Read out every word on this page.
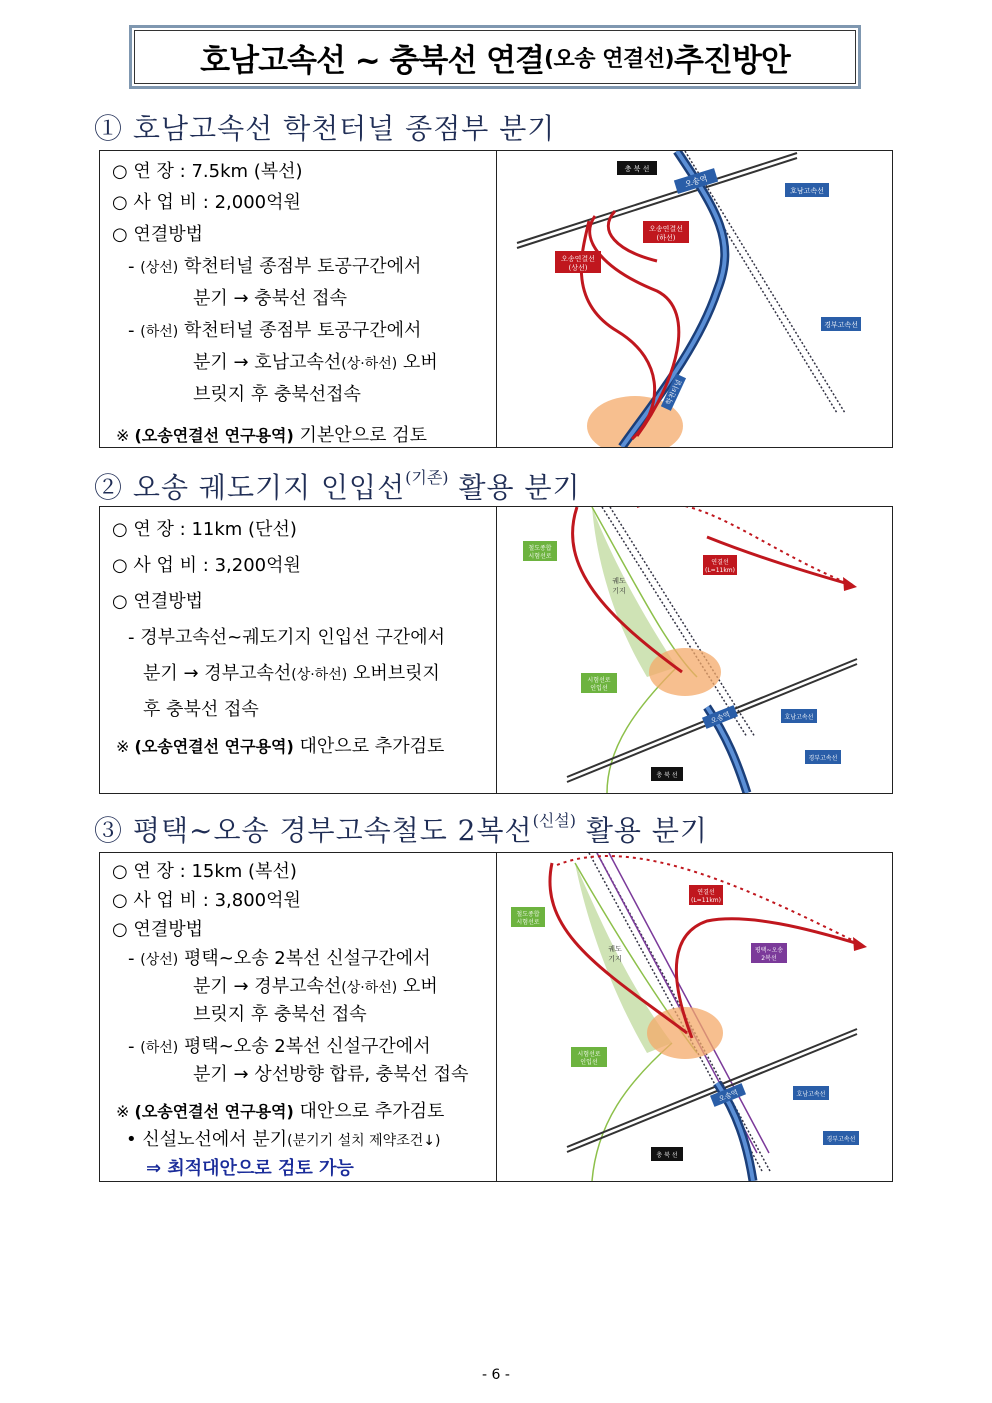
호남고속선 ~ 충북선 연결 (오송 연결선) 추진방안
① 호남고속선 학천터널 종점부 분기
○ 연 장 : 7.5km (복선)
○ 사 업 비 : 2,000억원
○ 연결방법
- (상선) 학천터널 종점부 토공구간에서
분기 → 충북선 접속
- (하선) 학천터널 종점부 토공구간에서
분기 → 호남고속선(상·하선) 오버
브릿지 후 충북선접속
※ (오송연결선 연구용역) 기본안으로 검토
충 북 선
오송역
호남고속선
경부고속선
오송연결선
(하선)
오송연결선
(상선)
학천터널
② 오송 궤도기지 인입선$^{(기존)}$ 활용 분기
○ 연 장 : 11km (단선)
○ 사 업 비 : 3,200억원
○ 연결방법
- 경부고속선~궤도기지 인입선 구간에서
분기 → 경부고속선(상·하선) 오버브릿지
후 충북선 접속
※ (오송연결선 연구용역) 대안으로 추가검토
철도종합
시험선로
궤도
기지
연결선
(L=11km)
시험선로
인입선
오송역	호남고속선
경부고속선
충 북 선
③ 평택~오송 경부고속철도 2복선$^{(신설)}$ 활용 분기
○ 연 장 : 15km (복선)
○ 사 업 비 : 3,800억원
○ 연결방법
- (상선) 평택~오송 2복선 신설구간에서
분기 → 경부고속선(상·하선) 오버
브릿지 후 충북선 접속
- (하선) 평택~오송 2복선 신설구간에서
분기 → 상선방향 합류, 충북선 접속
※ (오송연결선 연구용역) 대안으로 추가검토
• 신설노선에서 분기(분기기 설치 제약조건↓)
⇒ 최적대안으로 검토 가능
철도종합
시험선로
궤도
기지
연결선
(L=11km)
평택~오송
2복선
시험선로
인입선
오송역	호남고속선
경부고속선
충 북 선
- 6 -
